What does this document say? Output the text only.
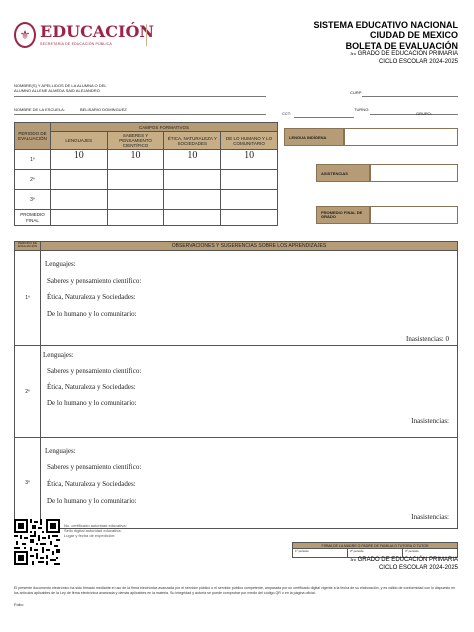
⚜ EDUCACIÓN
SECRETARÍA DE EDUCACIÓN PÚBLICA
SISTEMA EDUCATIVO NACIONAL
CIUDAD DE MEXICO
BOLETA DE EVALUACIÓN
3ro GRADO DE EDUCACIÓN PRIMARIA
CICLO ESCOLAR 2024-2025
NOMBRE(S) Y APELLIDOS DE LA ALUMNA O DEL
ALUMNO ALLENE ALMEDA SAID ALEJANDRO	CURP:
NOMBRE DE LA ESCUELA:	BELISARIO DOMINGUEZ	TURNO:
CCT:	GRUPO:
PERIODO DE EVALUACIÓN	CAMPOS FORMATIVOS			
	LENGUAJES	SABERES Y PENSAMIENTO CIENTÍFICO	ÉTICA, NATURALEZA Y SOCIEDADES	DE LO HUMANO Y LO COMUNITARIO
1º	10	10	10	10
2º				
3º				
PROMEDIO FINAL				
LENGUA INDÍGENA
ASISTENCIAS
PROMEDIO FINAL DE GRADO
PERIODO DE EVALUACIÓN	OBSERVACIONES Y SUGERENCIAS SOBRE LOS APRENDIZAJES
1º
Lenguajes:
Saberes y pensamiento científico:
Ética, Naturaleza y Sociedades:
De lo humano y lo comunitario:
Inasistencias: 0
2º
Lenguajes:
Saberes y pensamiento científico:
Ética, Naturaleza y Sociedades:
De lo humano y lo comunitario:
Inasistencias:
3º
Lenguajes:
Saberes y pensamiento científico:
Ética, Naturaleza y Sociedades:
De lo humano y lo comunitario:
Inasistencias:
No. certificado autoridad educativa:
Sello digital autoridad educativa:
Lugar y fecha de expedición:
FIRMA DE LA MADRE O PADRE DE FAMILIA O TUTORA O TUTOR
1º periodo	2º periodo	3º periodo
3ro GRADO DE EDUCACIÓN PRIMARIA
CICLO ESCOLAR 2024-2025
El presente documento electrónico ha sido firmado mediante el uso de la firma electrónica avanzada por el servidor público o el servidor público competente, amparada por un certificado digital vigente a la fecha de su elaboración, y es válido de conformidad con lo dispuesto en los artículos aplicables de la Ley de firma electrónica avanzada y demás aplicables en la materia. Su integridad y autoría se puede comprobar por medio del código QR o en la página oficial.
Folio:
